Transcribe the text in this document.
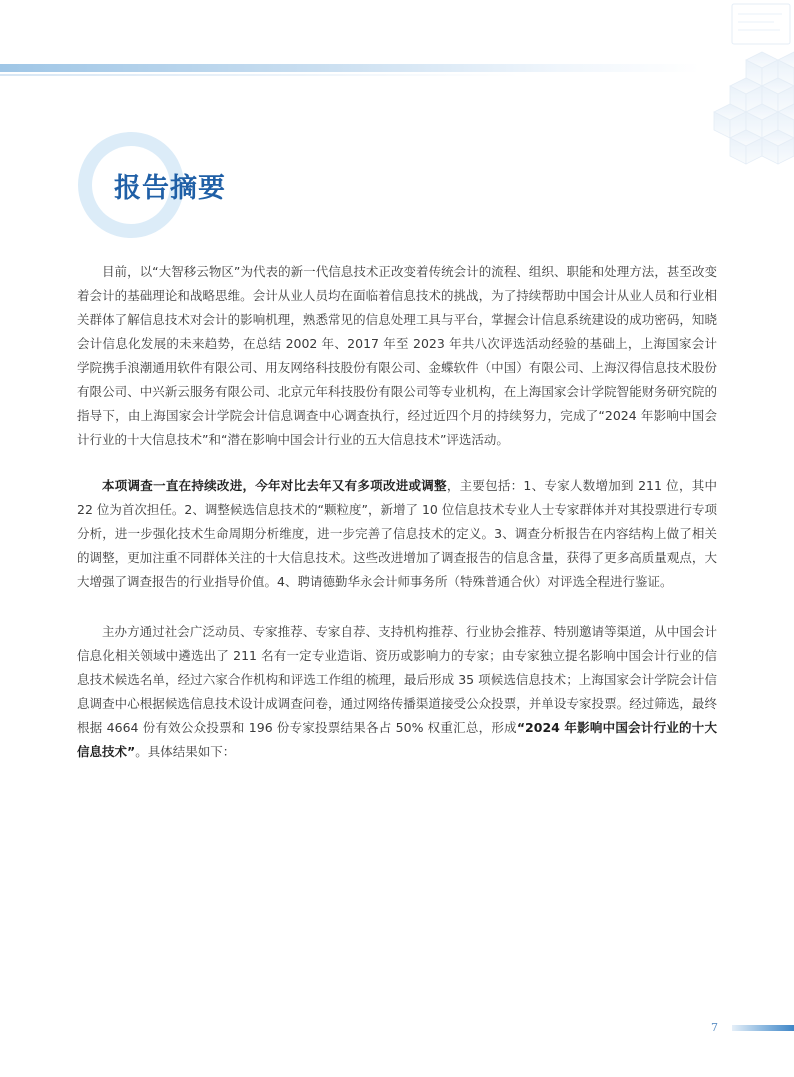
报告摘要

目前，以“大智移云物区”为代表的新一代信息技术正改变着传统会计的流程、组织、职能和处理方法，甚至改变着会计的基础理论和战略思维。会计从业人员均在面临着信息技术的挑战，为了持续帮助中国会计从业人员和行业相关群体了解信息技术对会计的影响机理，熟悉常见的信息处理工具与平台，掌握会计信息系统建设的成功密码，知晓会计信息化发展的未来趋势，在总结 2002 年、2017 年至 2023 年共八次评选活动经验的基础上，上海国家会计学院携手浪潮通用软件有限公司、用友网络科技股份有限公司、金蝶软件（中国）有限公司、上海汉得信息技术股份有限公司、中兴新云服务有限公司、北京元年科技股份有限公司等专业机构，在上海国家会计学院智能财务研究院的指导下，由上海国家会计学院会计信息调查中心调查执行，经过近四个月的持续努力，完成了“2024 年影响中国会计行业的十大信息技术”和“潜在影响中国会计行业的五大信息技术”评选活动。

本项调查一直在持续改进，今年对比去年又有多项改进或调整，主要包括：1、专家人数增加到 211 位，其中 22 位为首次担任。2、调整候选信息技术的“颗粒度”，新增了 10 位信息技术专业人士专家群体并对其投票进行专项分析，进一步强化技术生命周期分析维度，进一步完善了信息技术的定义。3、调查分析报告在内容结构上做了相关的调整，更加注重不同群体关注的十大信息技术。这些改进增加了调查报告的信息含量，获得了更多高质量观点，大大增强了调查报告的行业指导价值。4、聘请德勤华永会计师事务所（特殊普通合伙）对评选全程进行鉴证。

主办方通过社会广泛动员、专家推荐、专家自荐、支持机构推荐、行业协会推荐、特别邀请等渠道，从中国会计信息化相关领域中遴选出了 211 名有一定专业造诣、资历或影响力的专家；由专家独立提名影响中国会计行业的信息技术候选名单，经过六家合作机构和评选工作组的梳理，最后形成 35 项候选信息技术；上海国家会计学院会计信息调查中心根据候选信息技术设计成调查问卷，通过网络传播渠道接受公众投票，并单设专家投票。经过筛选，最终根据 4664 份有效公众投票和 196 份专家投票结果各占 50% 权重汇总，形成“2024 年影响中国会计行业的十大信息技术”。具体结果如下：

7
